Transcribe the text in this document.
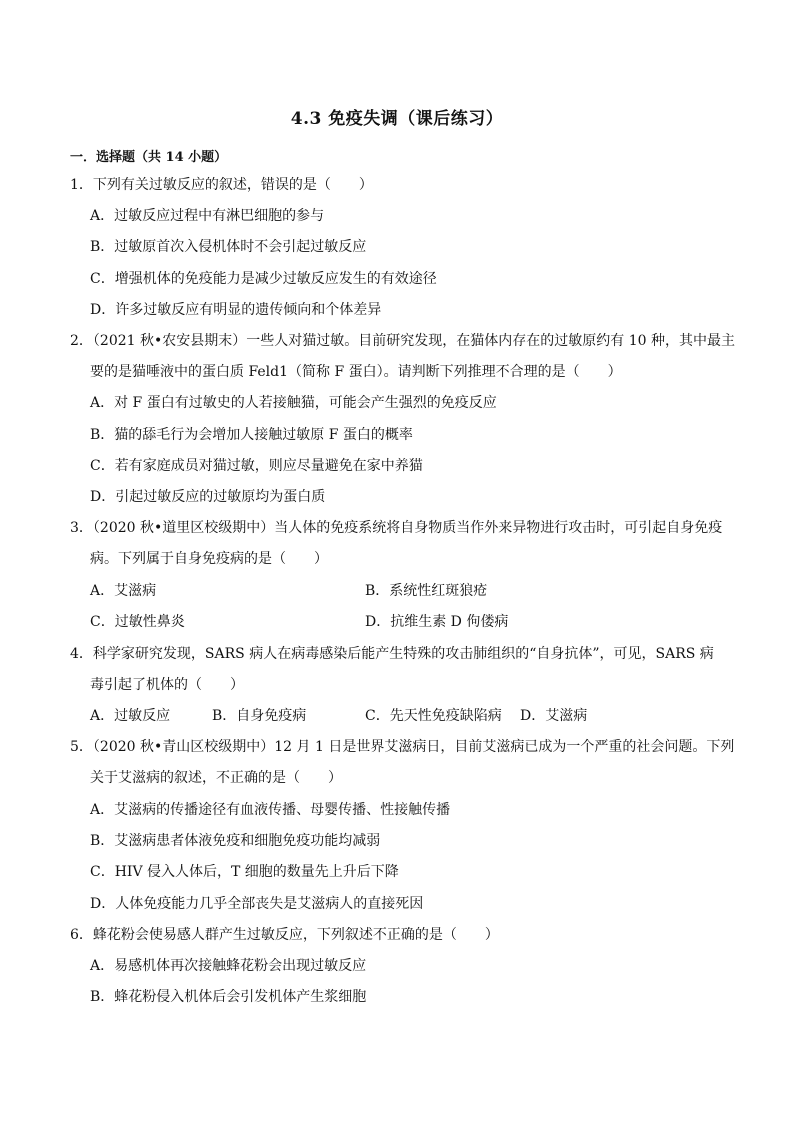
4.3 免疫失调（课后练习）
一．选择题（共 14 小题）
1．下列有关过敏反应的叙述，错误的是（　　）
A．过敏反应过程中有淋巴细胞的参与
B．过敏原首次入侵机体时不会引起过敏反应
C．增强机体的免疫能力是减少过敏反应发生的有效途径
D．许多过敏反应有明显的遗传倾向和个体差异
2．（2021 秋•农安县期末）一些人对猫过敏。目前研究发现，在猫体内存在的过敏原约有 10 种，其中最主
要的是猫唾液中的蛋白质 Feld1（简称 F 蛋白）。请判断下列推理不合理的是（　　）
A．对 F 蛋白有过敏史的人若接触猫，可能会产生强烈的免疫反应
B．猫的舔毛行为会增加人接触过敏原 F 蛋白的概率
C．若有家庭成员对猫过敏，则应尽量避免在家中养猫
D．引起过敏反应的过敏原均为蛋白质
3．（2020 秋•道里区校级期中）当人体的免疫系统将自身物质当作外来异物进行攻击时，可引起自身免疫
病。下列属于自身免疫病的是（　　）
A．艾滋病	B．系统性红斑狼疮
C．过敏性鼻炎	D．抗维生素 D 佝偻病
4．科学家研究发现，SARS 病人在病毒感染后能产生特殊的攻击肺组织的“自身抗体”，可见，SARS 病
毒引起了机体的（　　）
A．过敏反应	B．自身免疫病	C．先天性免疫缺陷病 D．艾滋病
5．（2020 秋•青山区校级期中）12 月 1 日是世界艾滋病日，目前艾滋病已成为一个严重的社会问题。下列
关于艾滋病的叙述，不正确的是（　　）
A．艾滋病的传播途径有血液传播、母婴传播、性接触传播
B．艾滋病患者体液免疫和细胞免疫功能均减弱
C．HIV 侵入人体后，T 细胞的数量先上升后下降
D．人体免疫能力几乎全部丧失是艾滋病人的直接死因
6．蜂花粉会使易感人群产生过敏反应，下列叙述不正确的是（　　）
A．易感机体再次接触蜂花粉会出现过敏反应
B．蜂花粉侵入机体后会引发机体产生浆细胞
